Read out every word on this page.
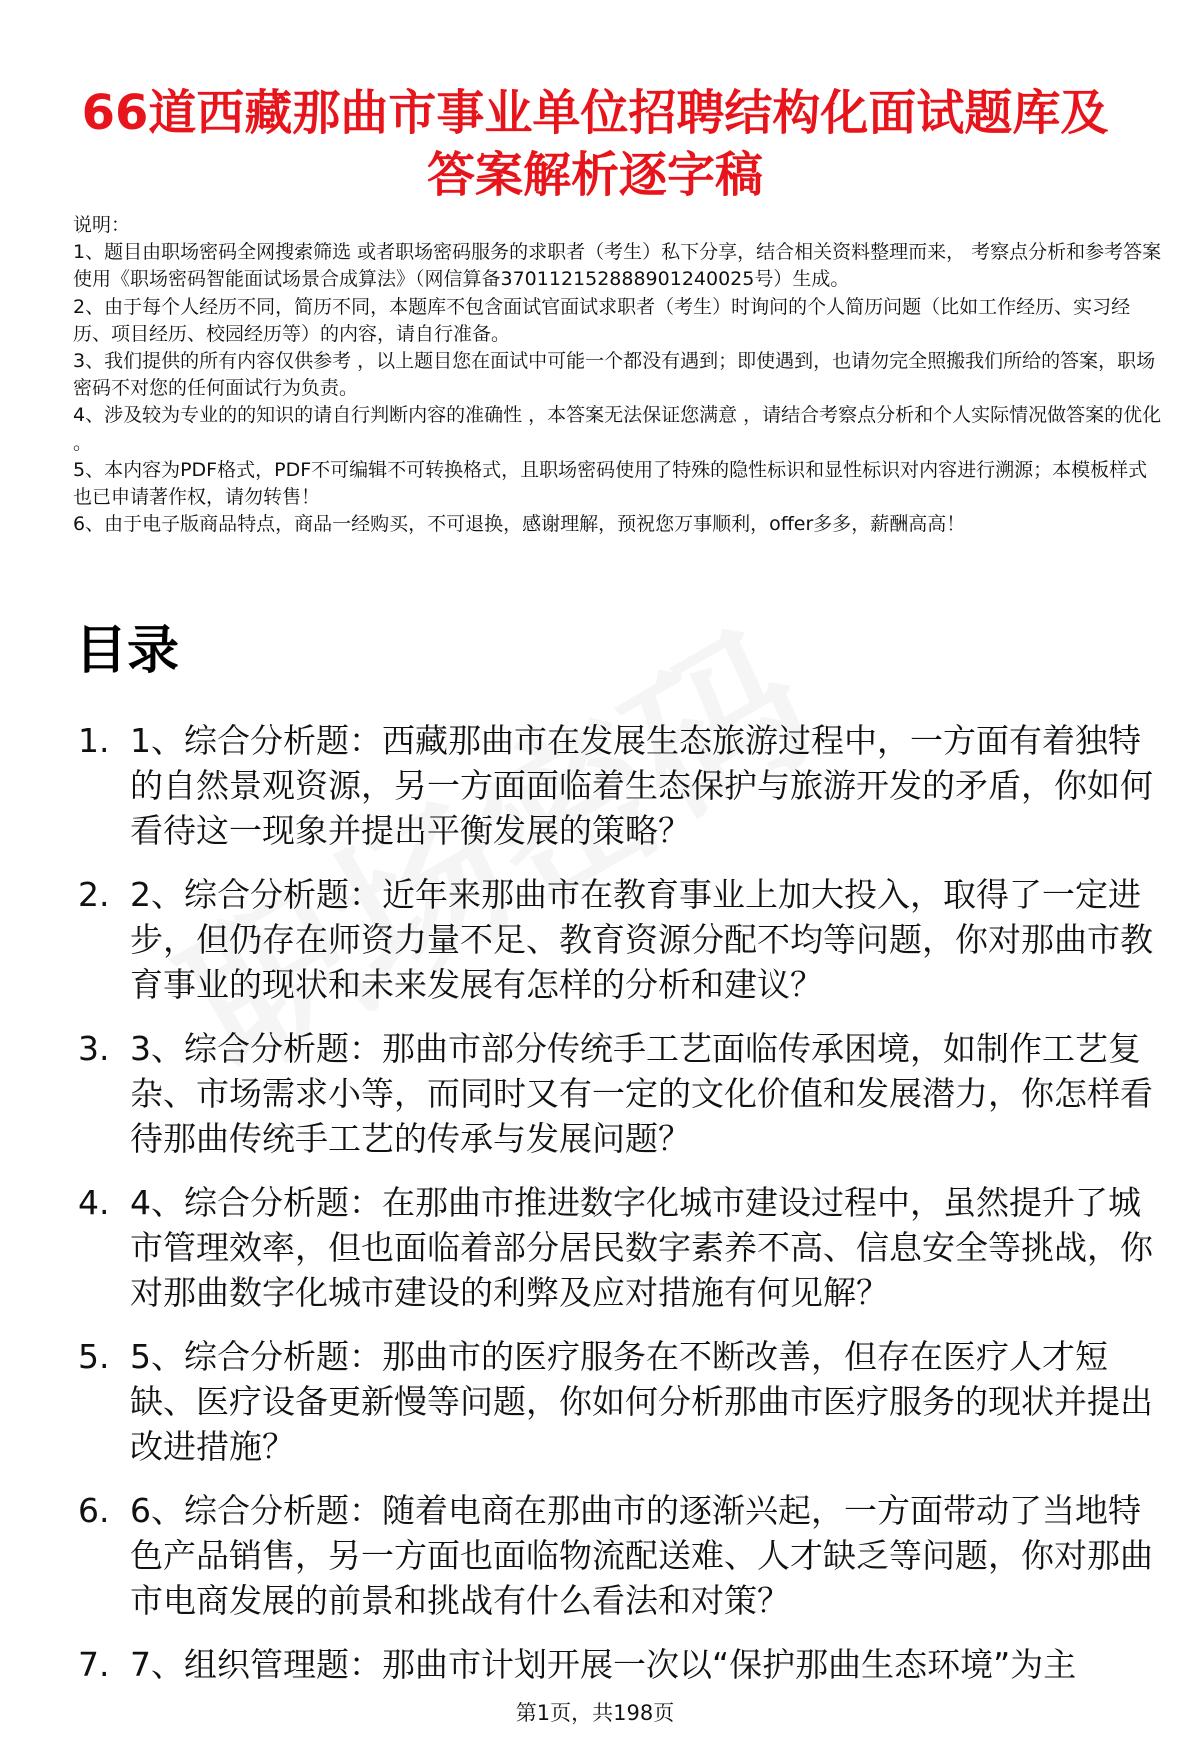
66道西藏那曲市事业单位招聘结构化面试题库及答案解析逐字稿

说明：

1、题目由职场密码全网搜索筛选 或者职场密码服务的求职者（考生）私下分享，结合相关资料整理而来， 考察点分析和参考答案使用《职场密码智能面试场景合成算法》（网信算备370112152888901240025号）生成。

2、由于每个人经历不同，简历不同，本题库不包含面试官面试求职者（考生）时询问的个人简历问题（比如工作经历、实习经历、项目经历、校园经历等）的内容，请自行准备。

3、我们提供的所有内容仅供参考 ，以上题目您在面试中可能一个都没有遇到；即使遇到，也请勿完全照搬我们所给的答案，职场密码不对您的任何面试行为负责。

4、涉及较为专业的的知识的请自行判断内容的准确性 ，本答案无法保证您满意 ，请结合考察点分析和个人实际情况做答案的优化 。

5、本内容为PDF格式，PDF不可编辑不可转换格式，且职场密码使用了特殊的隐性标识和显性标识对内容进行溯源；本模板样式也已申请著作权，请勿转售！

6、由于电子版商品特点，商品一经购买，不可退换，感谢理解，预祝您万事顺利，offer多多，薪酬高高！

目录
1. 1、综合分析题：西藏那曲市在发展生态旅游过程中，一方面有着独特的自然景观资源，另一方面面临着生态保护与旅游开发的矛盾，你如何看待这一现象并提出平衡发展的策略？
2. 2、综合分析题：近年来那曲市在教育事业上加大投入，取得了一定进步，但仍存在师资力量不足、教育资源分配不均等问题，你对那曲市教育事业的现状和未来发展有怎样的分析和建议？
3. 3、综合分析题：那曲市部分传统手工艺面临传承困境，如制作工艺复杂、市场需求小等，而同时又有一定的文化价值和发展潜力，你怎样看待那曲传统手工艺的传承与发展问题？
4. 4、综合分析题：在那曲市推进数字化城市建设过程中，虽然提升了城市管理效率，但也面临着部分居民数字素养不高、信息安全等挑战，你对那曲数字化城市建设的利弊及应对措施有何见解？
5. 5、综合分析题：那曲市的医疗服务在不断改善，但存在医疗人才短缺、医疗设备更新慢等问题，你如何分析那曲市医疗服务的现状并提出改进措施？
6. 6、综合分析题：随着电商在那曲市的逐渐兴起，一方面带动了当地特色产品销售，另一方面也面临物流配送难、人才缺乏等问题，你对那曲市电商发展的前景和挑战有什么看法和对策？
7. 7、组织管理题：那曲市计划开展一次以“保护那曲生态环境”为主
第1页，共198页
